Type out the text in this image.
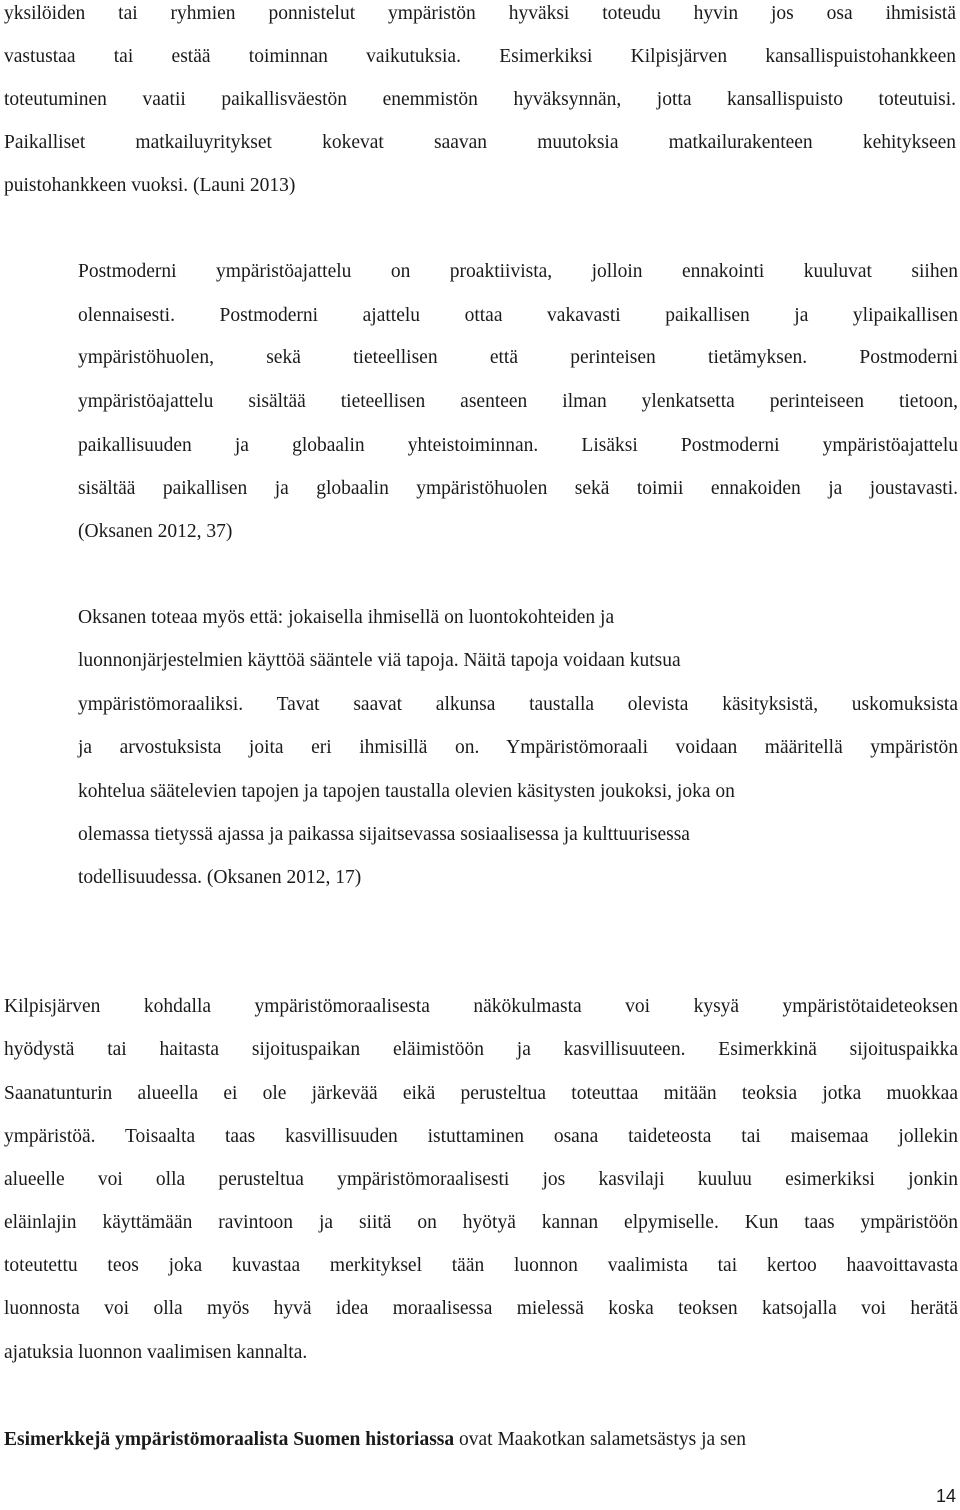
yksilöiden tai ryhmien ponnistelut ympäristön hyväksi toteudu hyvin jos osa ihmisistä
vastustaa tai estää toiminnan vaikutuksia. Esimerkiksi Kilpisjärven kansallispuistohankkeen
toteutuminen vaatii paikallisväestön enemmistön hyväksynnän, jotta kansallispuisto toteutuisi.
Paikalliset matkailuyritykset kokevat saavan muutoksia matkailurakenteen kehitykseen
puistohankkeen vuoksi. (Launi 2013)
Postmoderni ympäristöajattelu on proaktiivista, jolloin ennakointi kuuluvat siihen
olennaisesti. Postmoderni ajattelu ottaa vakavasti paikallisen ja ylipaikallisen
ympäristöhuolen, sekä tieteellisen että perinteisen tietämyksen. Postmoderni
ympäristöajattelu sisältää tieteellisen asenteen ilman ylenkatsetta perinteiseen tietoon,
paikallisuuden ja globaalin yhteistoiminnan. Lisäksi Postmoderni ympäristöajattelu
sisältää paikallisen ja globaalin ympäristöhuolen sekä toimii ennakoiden ja joustavasti.
(Oksanen 2012, 37)
Oksanen toteaa myös että: jokaisella ihmisellä on luontokohteiden ja
luonnonjärjestelmien käyttöä sääntele viä tapoja. Näitä tapoja voidaan kutsua
ympäristömoraaliksi. Tavat saavat alkunsa taustalla olevista käsityksistä, uskomuksista
ja arvostuksista joita eri ihmisillä on. Ympäristömoraali voidaan määritellä ympäristön
kohtelua säätelevien tapojen ja tapojen taustalla olevien käsitysten joukoksi, joka on
olemassa tietyssä ajassa ja paikassa sijaitsevassa sosiaalisessa ja kulttuurisessa
todellisuudessa. (Oksanen 2012, 17)
Kilpisjärven kohdalla ympäristömoraalisesta näkökulmasta voi kysyä ympäristötaideteoksen
hyödystä tai haitasta sijoituspaikan eläimistöön ja kasvillisuuteen. Esimerkkinä sijoituspaikka
Saanatunturin alueella ei ole järkevää eikä perusteltua toteuttaa mitään teoksia jotka muokkaa
ympäristöä. Toisaalta taas kasvillisuuden istuttaminen osana taideteosta tai maisemaa jollekin
alueelle voi olla perusteltua ympäristömoraalisesti jos kasvilaji kuuluu esimerkiksi jonkin
eläinlajin käyttämään ravintoon ja siitä on hyötyä kannan elpymiselle. Kun taas ympäristöön
toteutettu teos joka kuvastaa merkityksel tään luonnon vaalimista tai kertoo haavoittavasta
luonnosta voi olla myös hyvä idea moraalisessa mielessä koska teoksen katsojalla voi herätä
ajatuksia luonnon vaalimisen kannalta.
Esimerkkejä ympäristömoraalista Suomen historiassa ovat Maakotkan salametsästys ja sen
14
